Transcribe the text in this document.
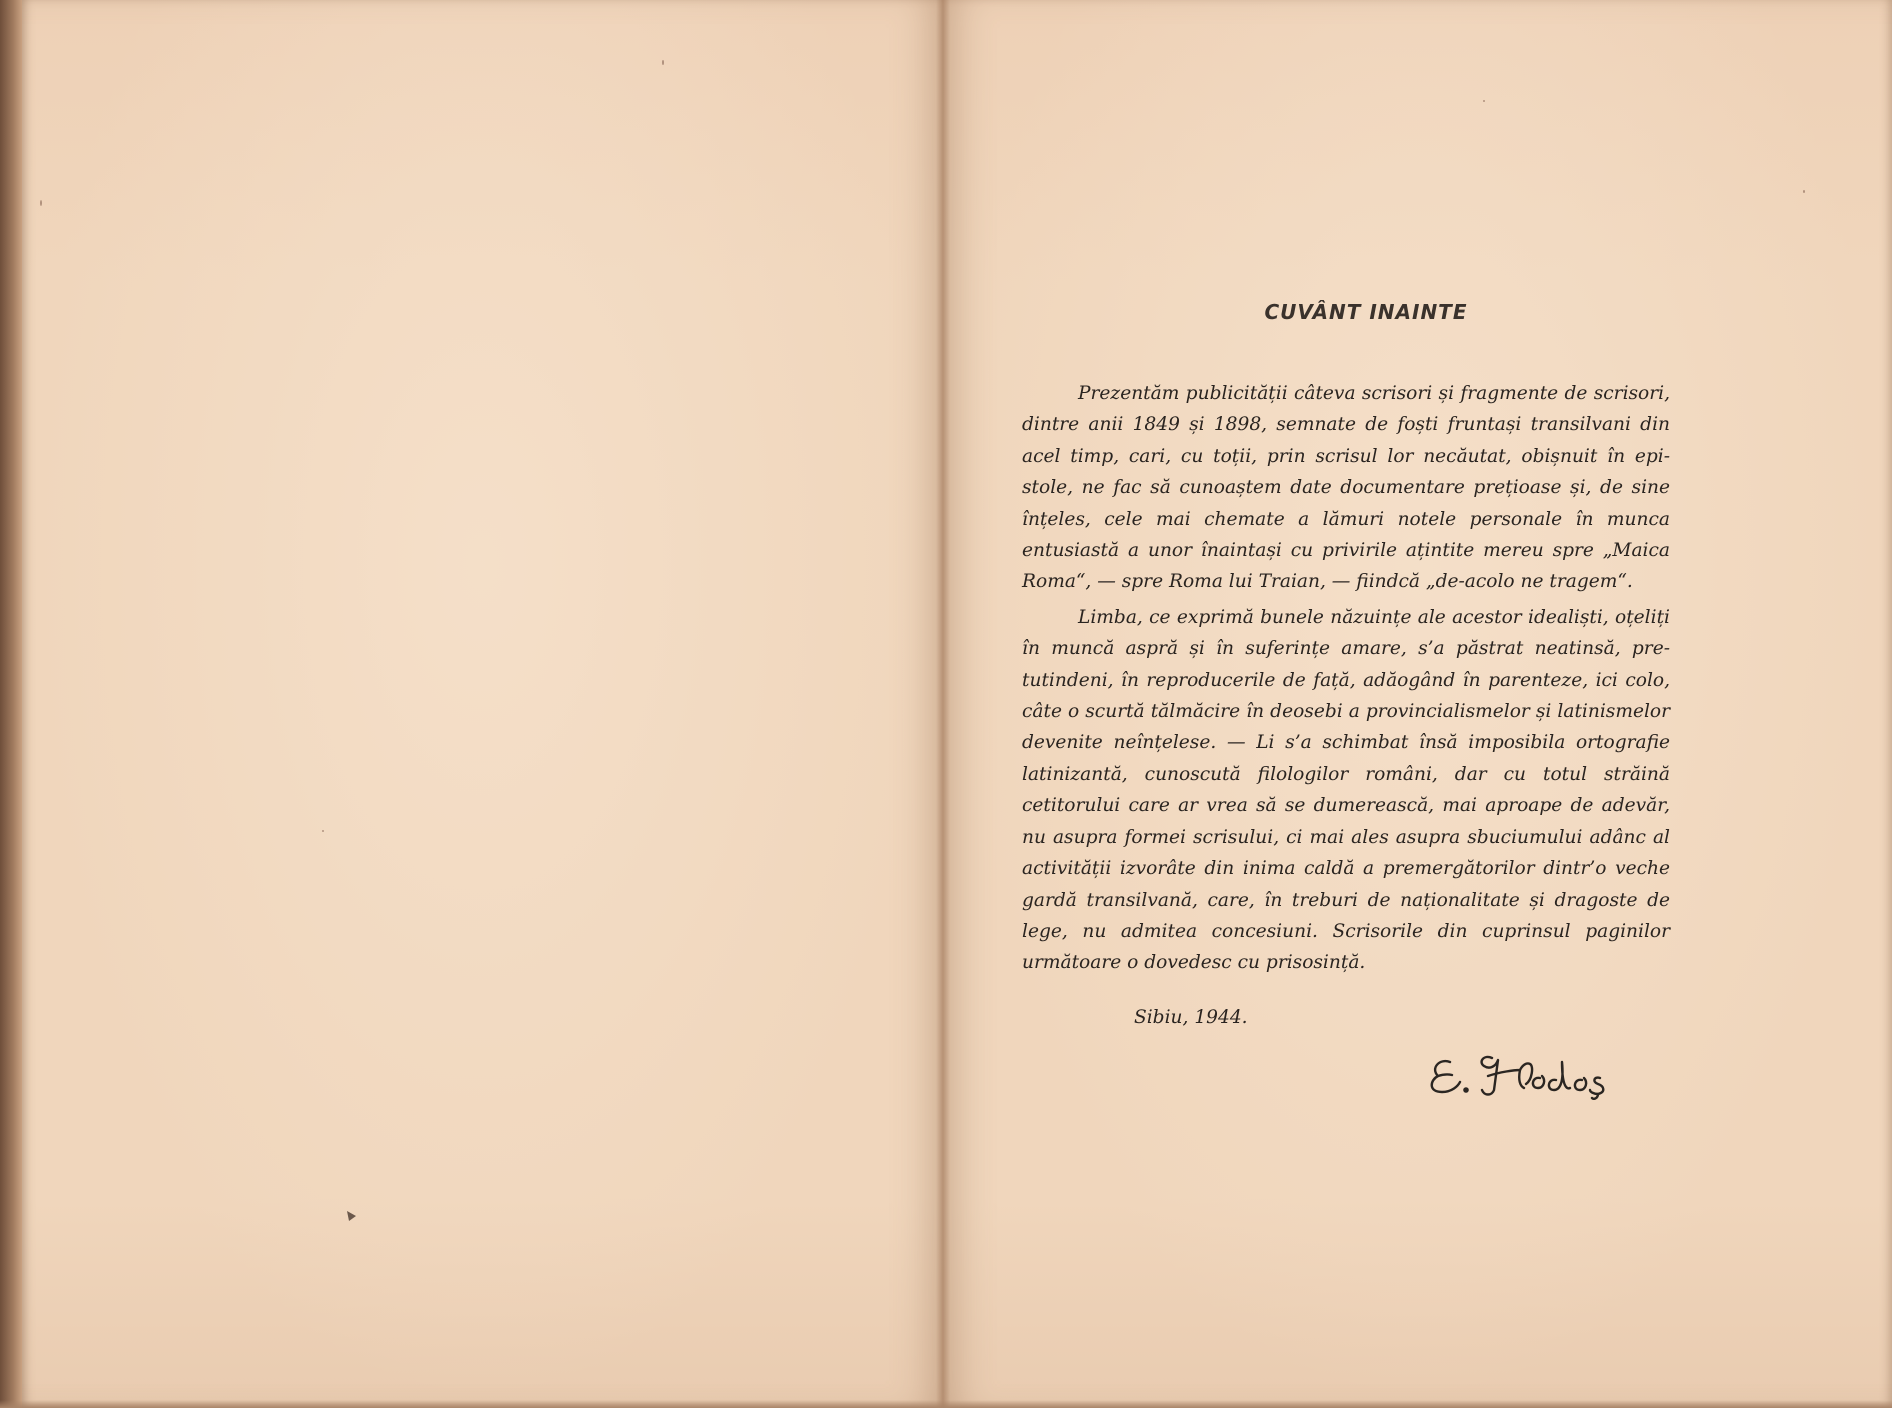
CUVÂNT INAINTE

Prezentăm publicității câteva scrisori și fragmente de scrisori, dintre anii 1849 și 1898, semnate de foști fruntași transilvani din acel timp, cari, cu toții, prin scrisul lor necăutat, obișnuit în epistole, ne fac să cunoaștem date documentare prețioase și, de sine înțeles, cele mai chemate a lămuri notele personale în munca entusiastă a unor înaintași cu privirile ațintite mereu spre „Maica Roma“, — spre Roma lui Traian, — fiindcă „de-acolo ne tragem“.

Limba, ce exprimă bunele năzuințe ale acestor idealiști, oțeliți în muncă aspră și în suferințe amare, s’a păstrat neatinsă, pretutindeni, în reproducerile de față, adăogând în parenteze, ici colo, câte o scurtă tălmăcire în deosebi a provincialismelor și latinismelor devenite neînțelese. — Li s’a schimbat însă imposibila ortografie latinizantă, cunoscută filologilor români, dar cu totul străină cetitorului care ar vrea să se dumerească, mai aproape de adevăr, nu asupra formei scrisului, ci mai ales asupra sbuciumului adânc al activității izvorâte din inima caldă a premergătorilor dintr’o veche gardă transilvană, care, în treburi de naționalitate și dragoste de lege, nu admitea concesiuni. Scrisorile din cuprinsul paginilor următoare o dovedesc cu prisosință.

Sibiu, 1944.
